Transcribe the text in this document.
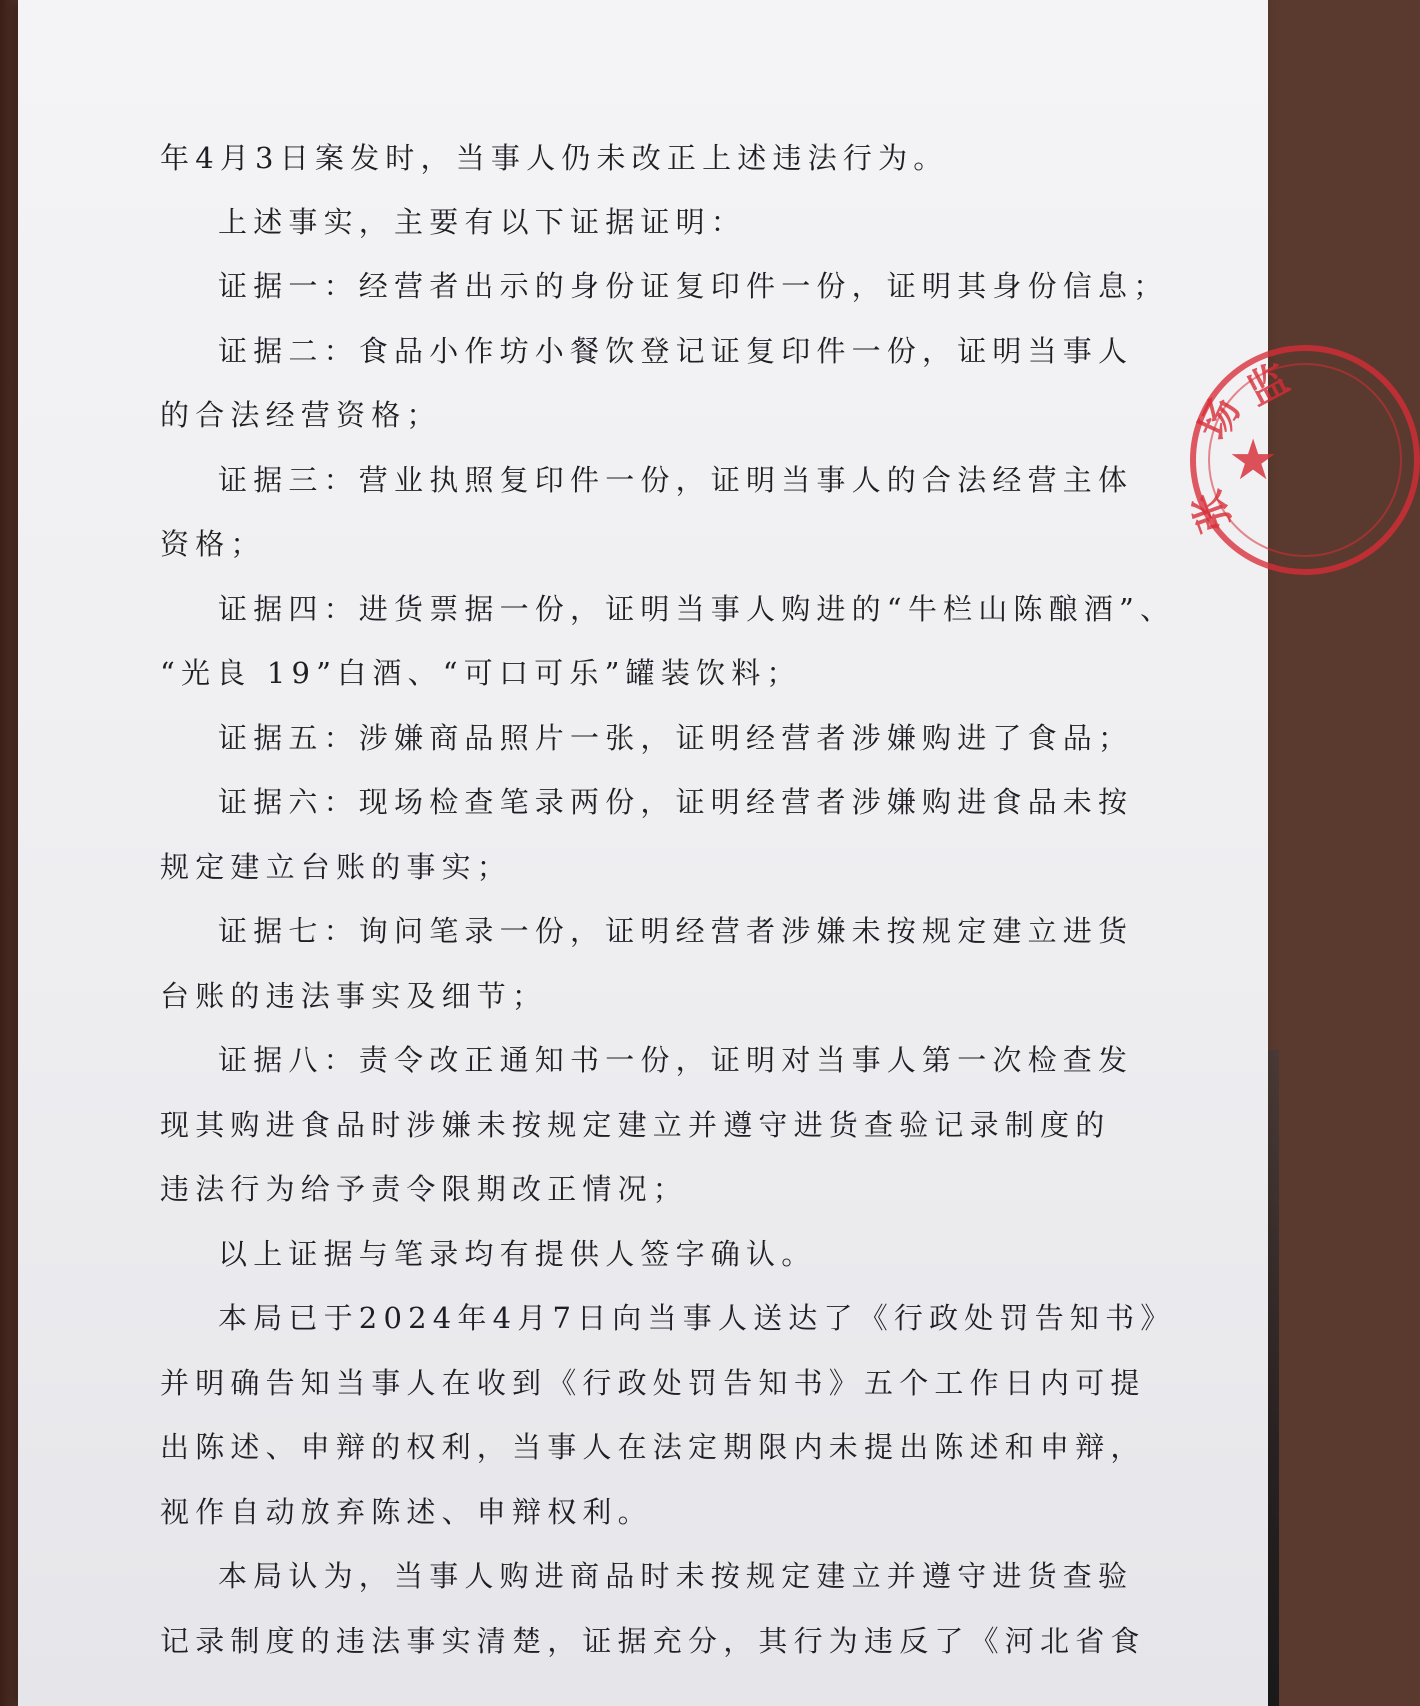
年4月3日案发时，当事人仍未改正上述违法行为。
上述事实，主要有以下证据证明：
证据一：经营者出示的身份证复印件一份，证明其身份信息；
证据二：食品小作坊小餐饮登记证复印件一份，证明当事人
的合法经营资格；
证据三：营业执照复印件一份，证明当事人的合法经营主体
资格；
证据四：进货票据一份，证明当事人购进的“牛栏山陈酿酒”、
“光良 19”白酒、“可口可乐”罐装饮料；
证据五：涉嫌商品照片一张，证明经营者涉嫌购进了食品；
证据六：现场检查笔录两份，证明经营者涉嫌购进食品未按
规定建立台账的事实；
证据七：询问笔录一份，证明经营者涉嫌未按规定建立进货
台账的违法事实及细节；
证据八：责令改正通知书一份，证明对当事人第一次检查发
现其购进食品时涉嫌未按规定建立并遵守进货查验记录制度的
违法行为给予责令限期改正情况；
以上证据与笔录均有提供人签字确认。
本局已于2024年4月7日向当事人送达了《行政处罚告知书》
并明确告知当事人在收到《行政处罚告知书》五个工作日内可提
出陈述、申辩的权利，当事人在法定期限内未提出陈述和申辩，
视作自动放弃陈述、申辩权利。
本局认为，当事人购进商品时未按规定建立并遵守进货查验
记录制度的违法事实清楚，证据充分，其行为违反了《河北省食
监
场
张
★
